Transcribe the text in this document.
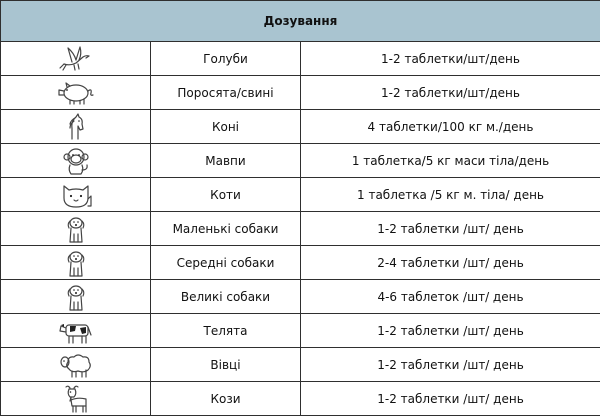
Дозування		

	Голуби	1-2 таблетки/шт/день

	Поросята/свині	1-2 таблетки/шт/день

	Коні	4 таблетки/100 кг м./день

	Мавпи	1 таблетка/5 кг маси тіла/день

	Коти	1 таблетка /5 кг м. тіла/ день

	Маленькі собаки	1-2 таблетки /шт/ день

	Середні собаки	2-4 таблетки /шт/ день

	Великі собаки	4-6 таблеток /шт/ день

	Телята	1-2 таблетки /шт/ день

	Вівці	1-2 таблетки /шт/ день

	Кози	1-2 таблетки /шт/ день
